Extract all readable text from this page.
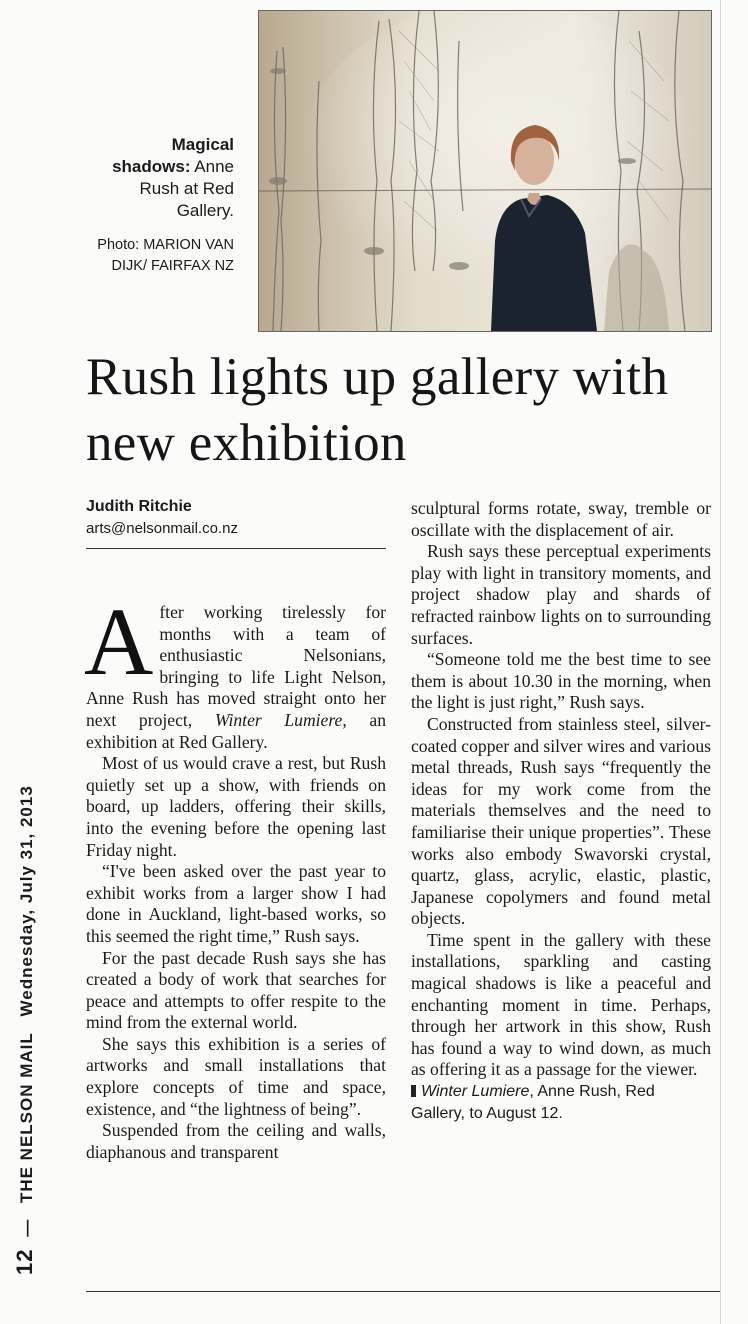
12 — THE NELSON MAIL Wednesday, July 31, 2013
Magical shadows: Anne Rush at Red Gallery.
Photo: MARION VAN DIJK/ FAIRFAX NZ
Rush lights up gallery with new exhibition
Judith Ritchie
arts@nelsonmail.co.nz

After working tirelessly for months with a team of enthusiastic Nelsonians, bringing to life Light Nelson, Anne Rush has moved straight onto her next project, Winter Lumiere, an exhibition at Red Gallery.

Most of us would crave a rest, but Rush quietly set up a show, with friends on board, up ladders, offering their skills, into the evening before the opening last Friday night.

“I've been asked over the past year to exhibit works from a larger show I had done in Auckland, light-based works, so this seemed the right time,” Rush says.

For the past decade Rush says she has created a body of work that searches for peace and attempts to offer respite to the mind from the external world.

She says this exhibition is a series of artworks and small installations that explore concepts of time and space, existence, and “the lightness of being”.

Suspended from the ceiling and walls, diaphanous and transparent

sculptural forms rotate, sway, tremble or oscillate with the displacement of air.

Rush says these perceptual experiments play with light in transitory moments, and project shadow play and shards of refracted rainbow lights on to surrounding surfaces.

“Someone told me the best time to see them is about 10.30 in the morning, when the light is just right,” Rush says.

Constructed from stainless steel, silver-coated copper and silver wires and various metal threads, Rush says “frequently the ideas for my work come from the materials themselves and the need to familiarise their unique properties”. These works also embody Swavorski crystal, quartz, glass, acrylic, elastic, plastic, Japanese copolymers and found metal objects.

Time spent in the gallery with these installations, sparkling and casting magical shadows is like a peaceful and enchanting moment in time. Perhaps, through her artwork in this show, Rush has found a way to wind down, as much as offering it as a passage for the viewer.

Winter Lumiere, Anne Rush, Red Gallery, to August 12.
